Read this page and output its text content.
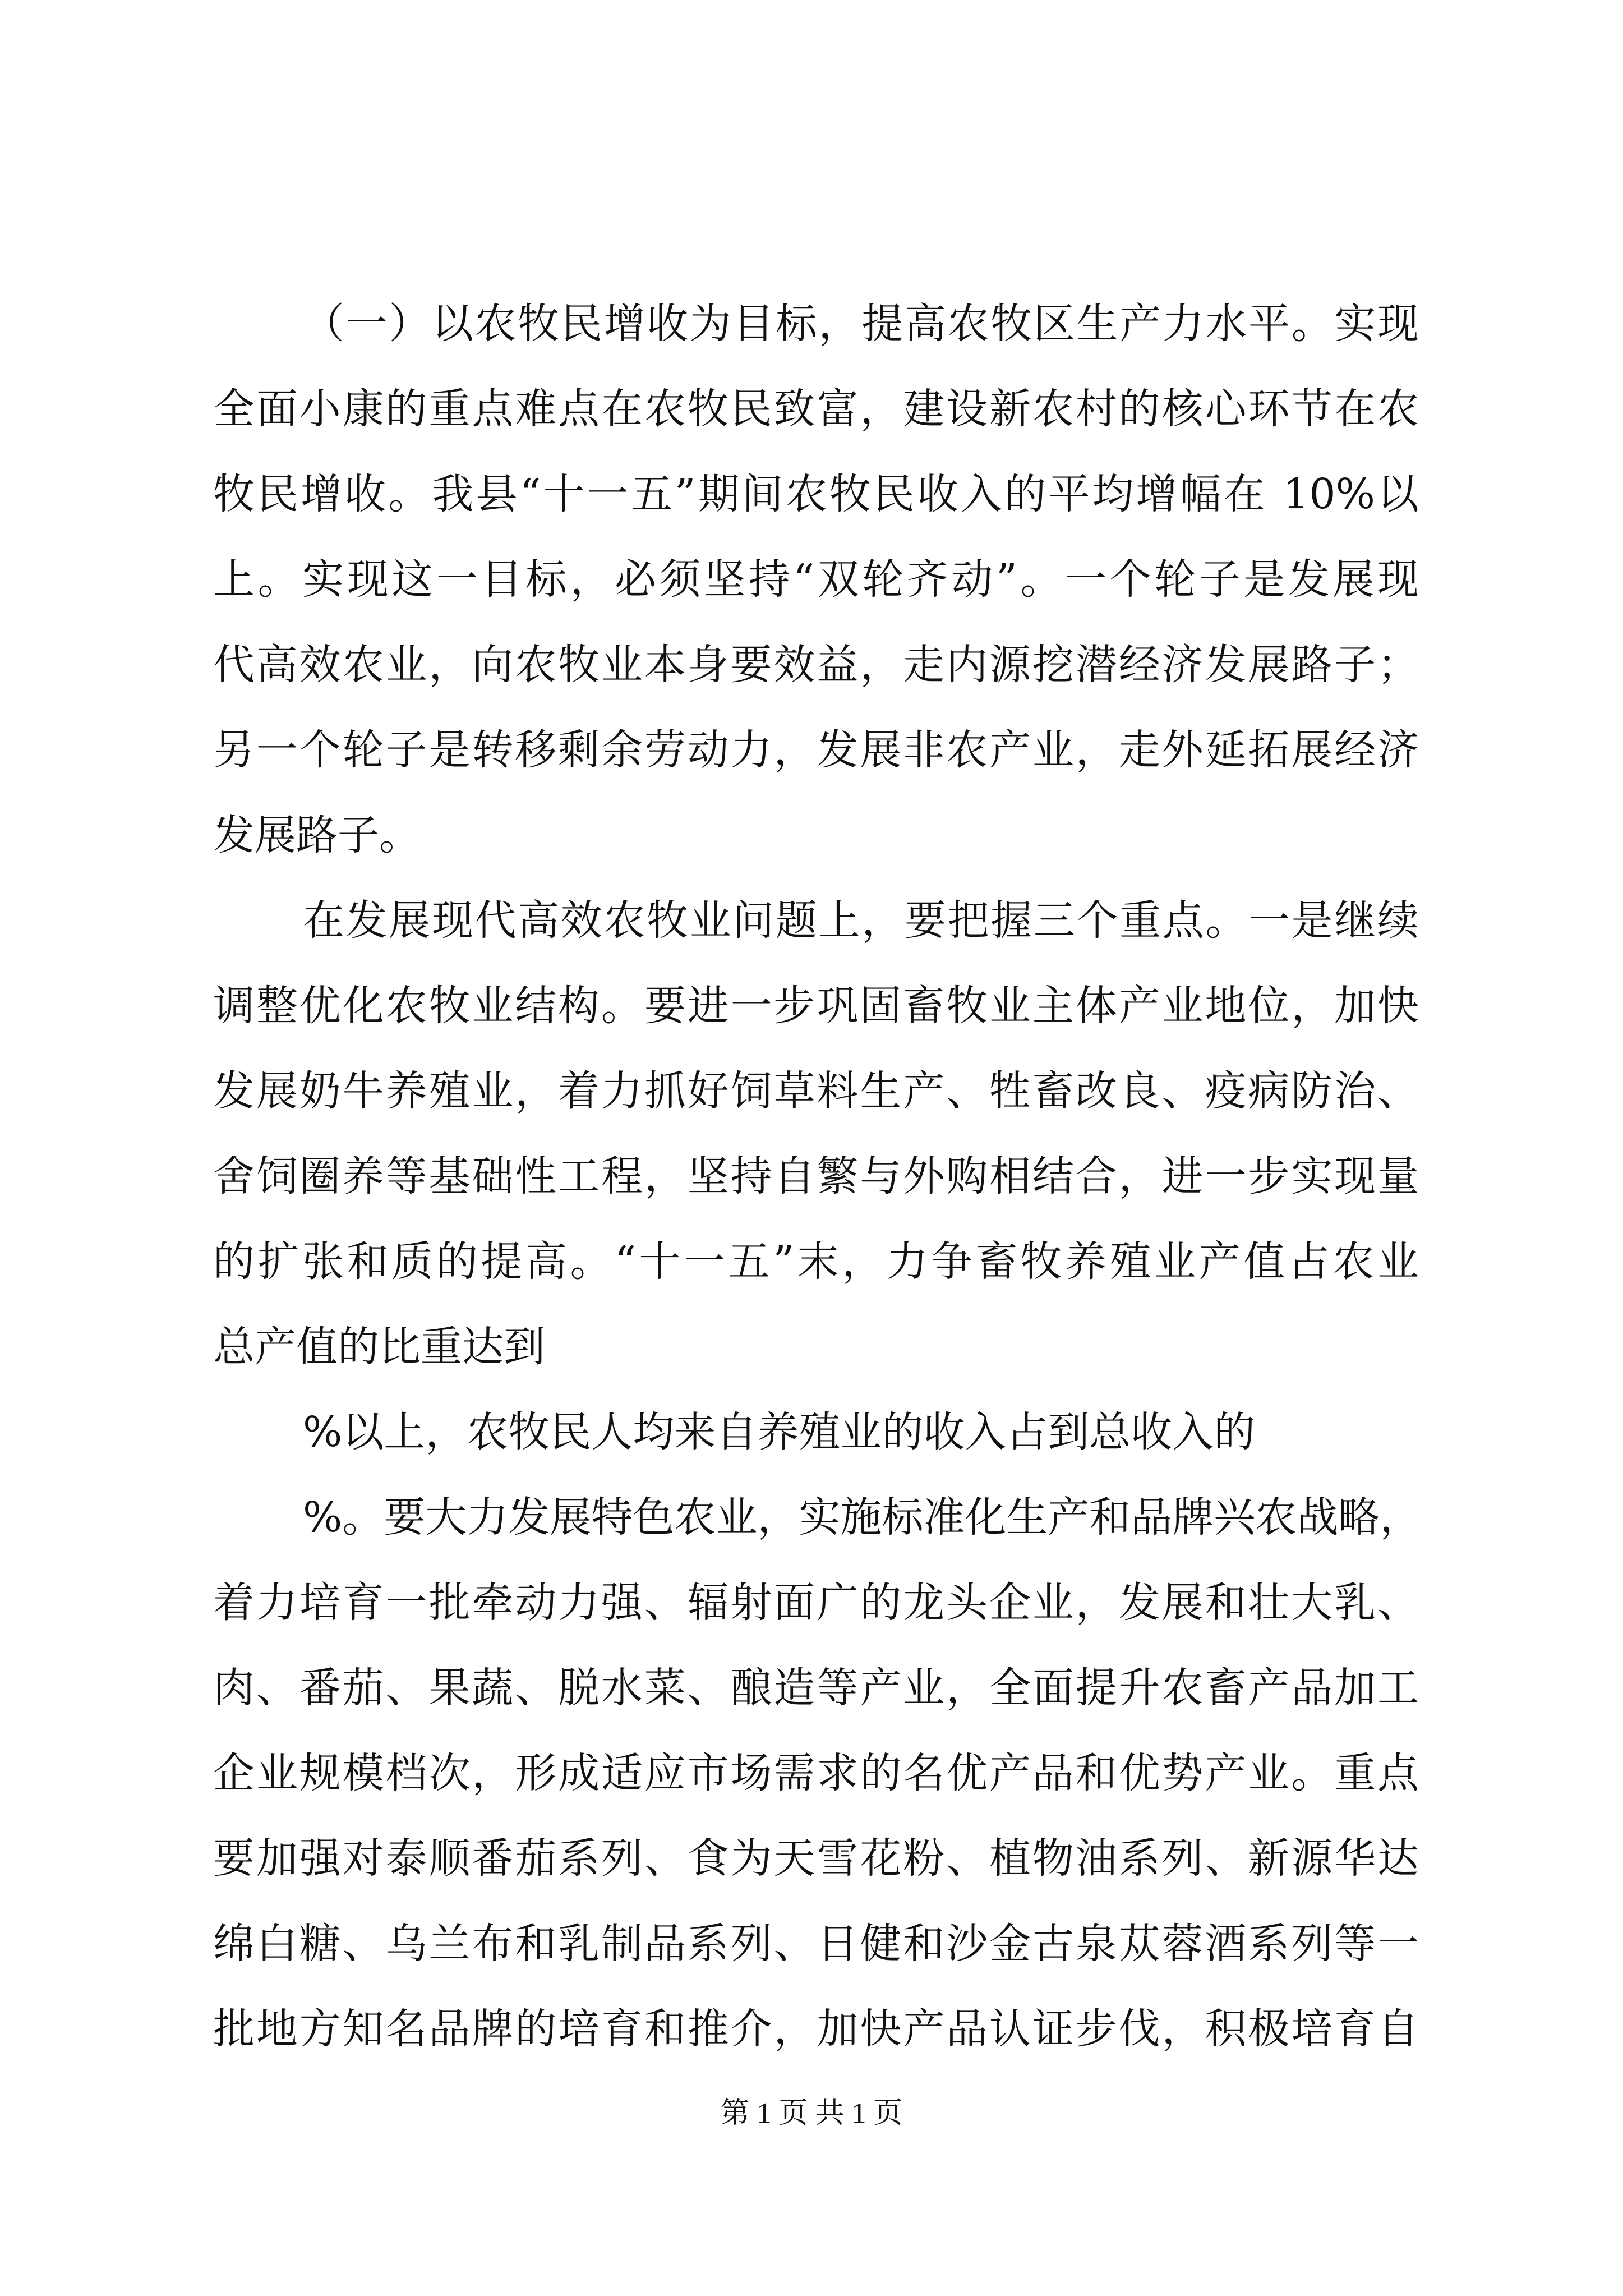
（一）以农牧民增收为目标，提高农牧区生产力水平。实现
全面小康的重点难点在农牧民致富，建设新农村的核心环节在农
牧民增收。我县“十一五”期间农牧民收入的平均增幅在 10%以
上。实现这一目标，必须坚持“双轮齐动”。一个轮子是发展现
代高效农业，向农牧业本身要效益，走内源挖潜经济发展路子；
另一个轮子是转移剩余劳动力，发展非农产业，走外延拓展经济
发展路子。
在发展现代高效农牧业问题上，要把握三个重点。一是继续
调整优化农牧业结构。要进一步巩固畜牧业主体产业地位，加快
发展奶牛养殖业，着力抓好饲草料生产、牲畜改良、疫病防治、
舍饲圈养等基础性工程，坚持自繁与外购相结合，进一步实现量
的扩张和质的提高。“十一五”末，力争畜牧养殖业产值占农业
总产值的比重达到
%以上，农牧民人均来自养殖业的收入占到总收入的
%。要大力发展特色农业，实施标准化生产和品牌兴农战略，
着力培育一批牵动力强、辐射面广的龙头企业，发展和壮大乳、
肉、番茄、果蔬、脱水菜、酿造等产业，全面提升农畜产品加工
企业规模档次，形成适应市场需求的名优产品和优势产业。重点
要加强对泰顺番茄系列、食为天雪花粉、植物油系列、新源华达
绵白糖、乌兰布和乳制品系列、日健和沙金古泉苁蓉酒系列等一
批地方知名品牌的培育和推介，加快产品认证步伐，积极培育自
第 1 页 共 1 页
